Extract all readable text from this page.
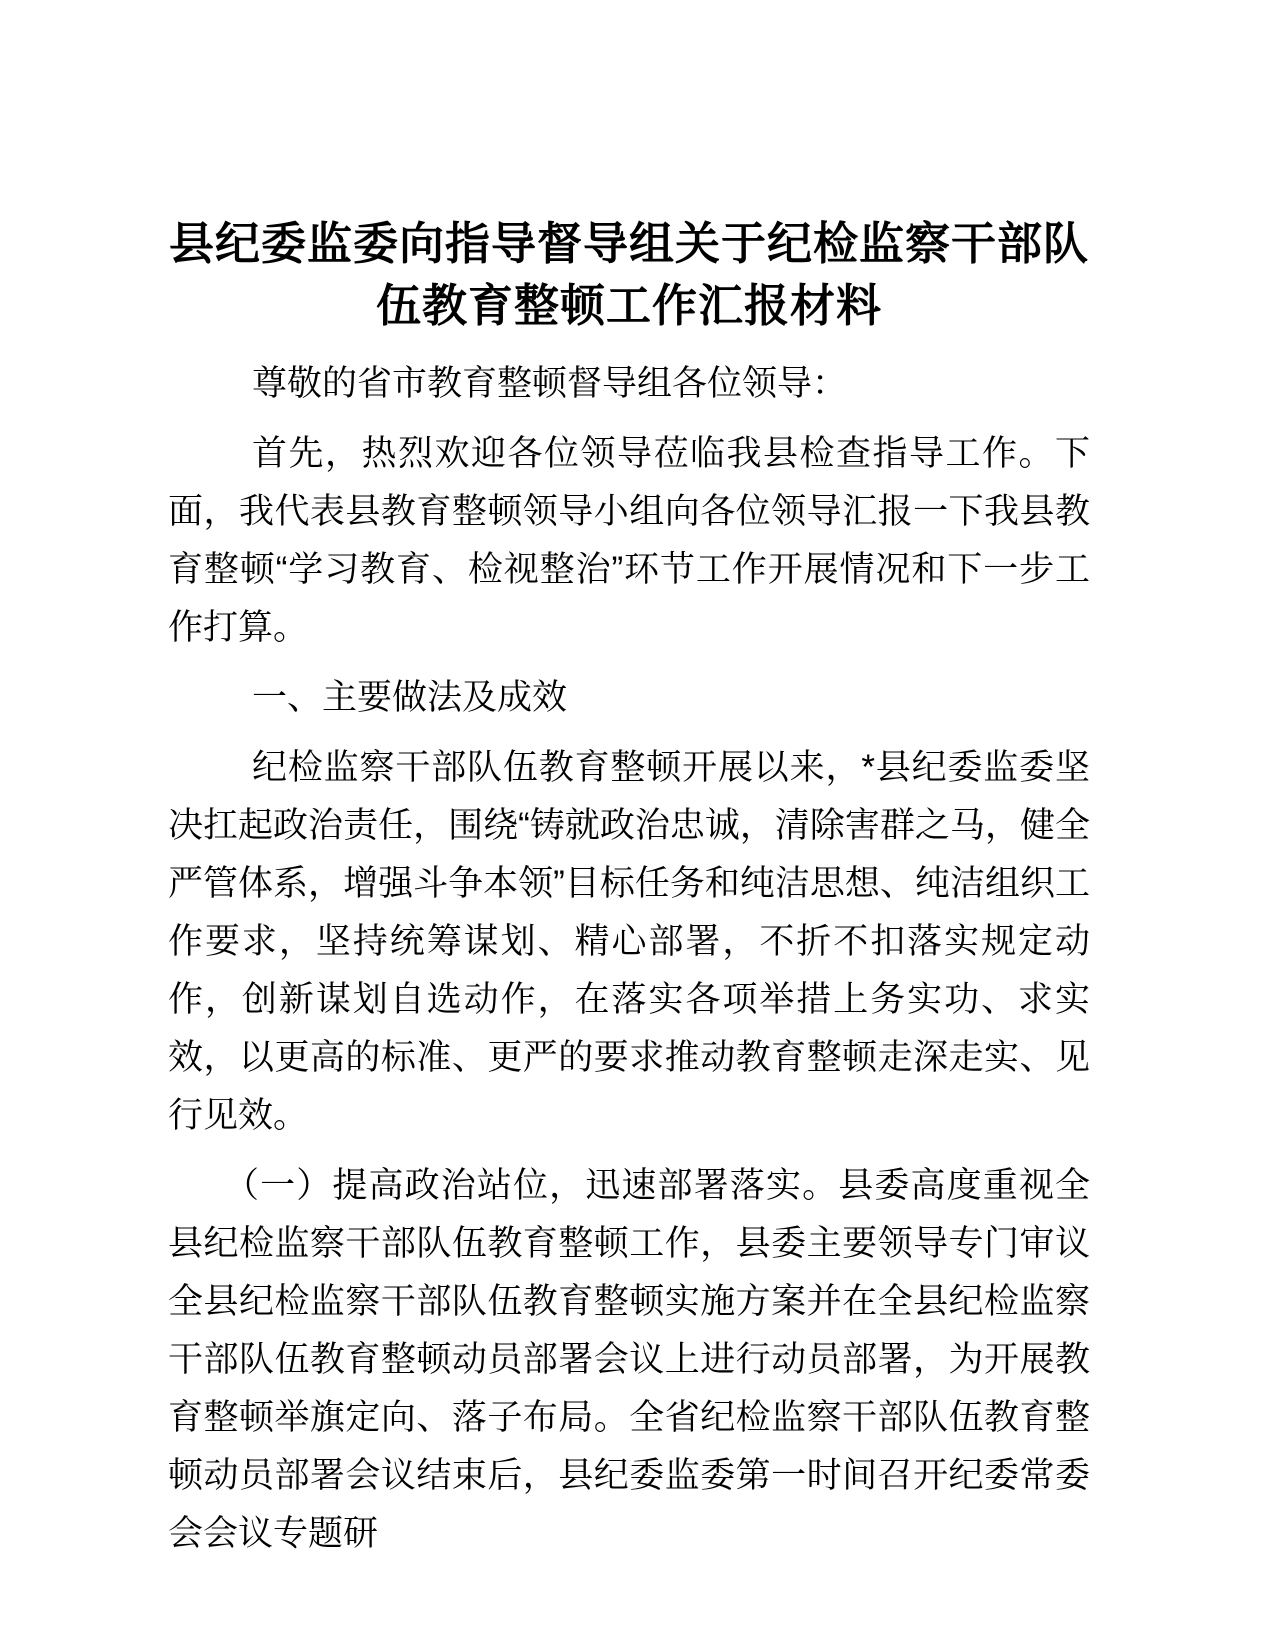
县纪委监委向指导督导组关于纪检监察干部队
伍教育整顿工作汇报材料

尊敬的省市教育整顿督导组各位领导：

首先，热烈欢迎各位领导莅临我县检查指导工作。下面，我代表县教育整顿领导小组向各位领导汇报一下我县教育整顿“学习教育、检视整治”环节工作开展情况和下一步工作打算。

一、主要做法及成效

纪检监察干部队伍教育整顿开展以来，*县纪委监委坚决扛起政治责任，围绕“铸就政治忠诚，清除害群之马，健全严管体系，增强斗争本领”目标任务和纯洁思想、纯洁组织工作要求，坚持统筹谋划、精心部署，不折不扣落实规定动作，创新谋划自选动作，在落实各项举措上务实功、求实效，以更高的标准、更严的要求推动教育整顿走深走实、见行见效。

（一）提高政治站位，迅速部署落实。县委高度重视全县纪检监察干部队伍教育整顿工作，县委主要领导专门审议全县纪检监察干部队伍教育整顿实施方案并在全县纪检监察干部队伍教育整顿动员部署会议上进行动员部署，为开展教育整顿举旗定向、落子布局。全省纪检监察干部队伍教育整顿动员部署会议结束后，县纪委监委第一时间召开纪委常委会会议专题研
